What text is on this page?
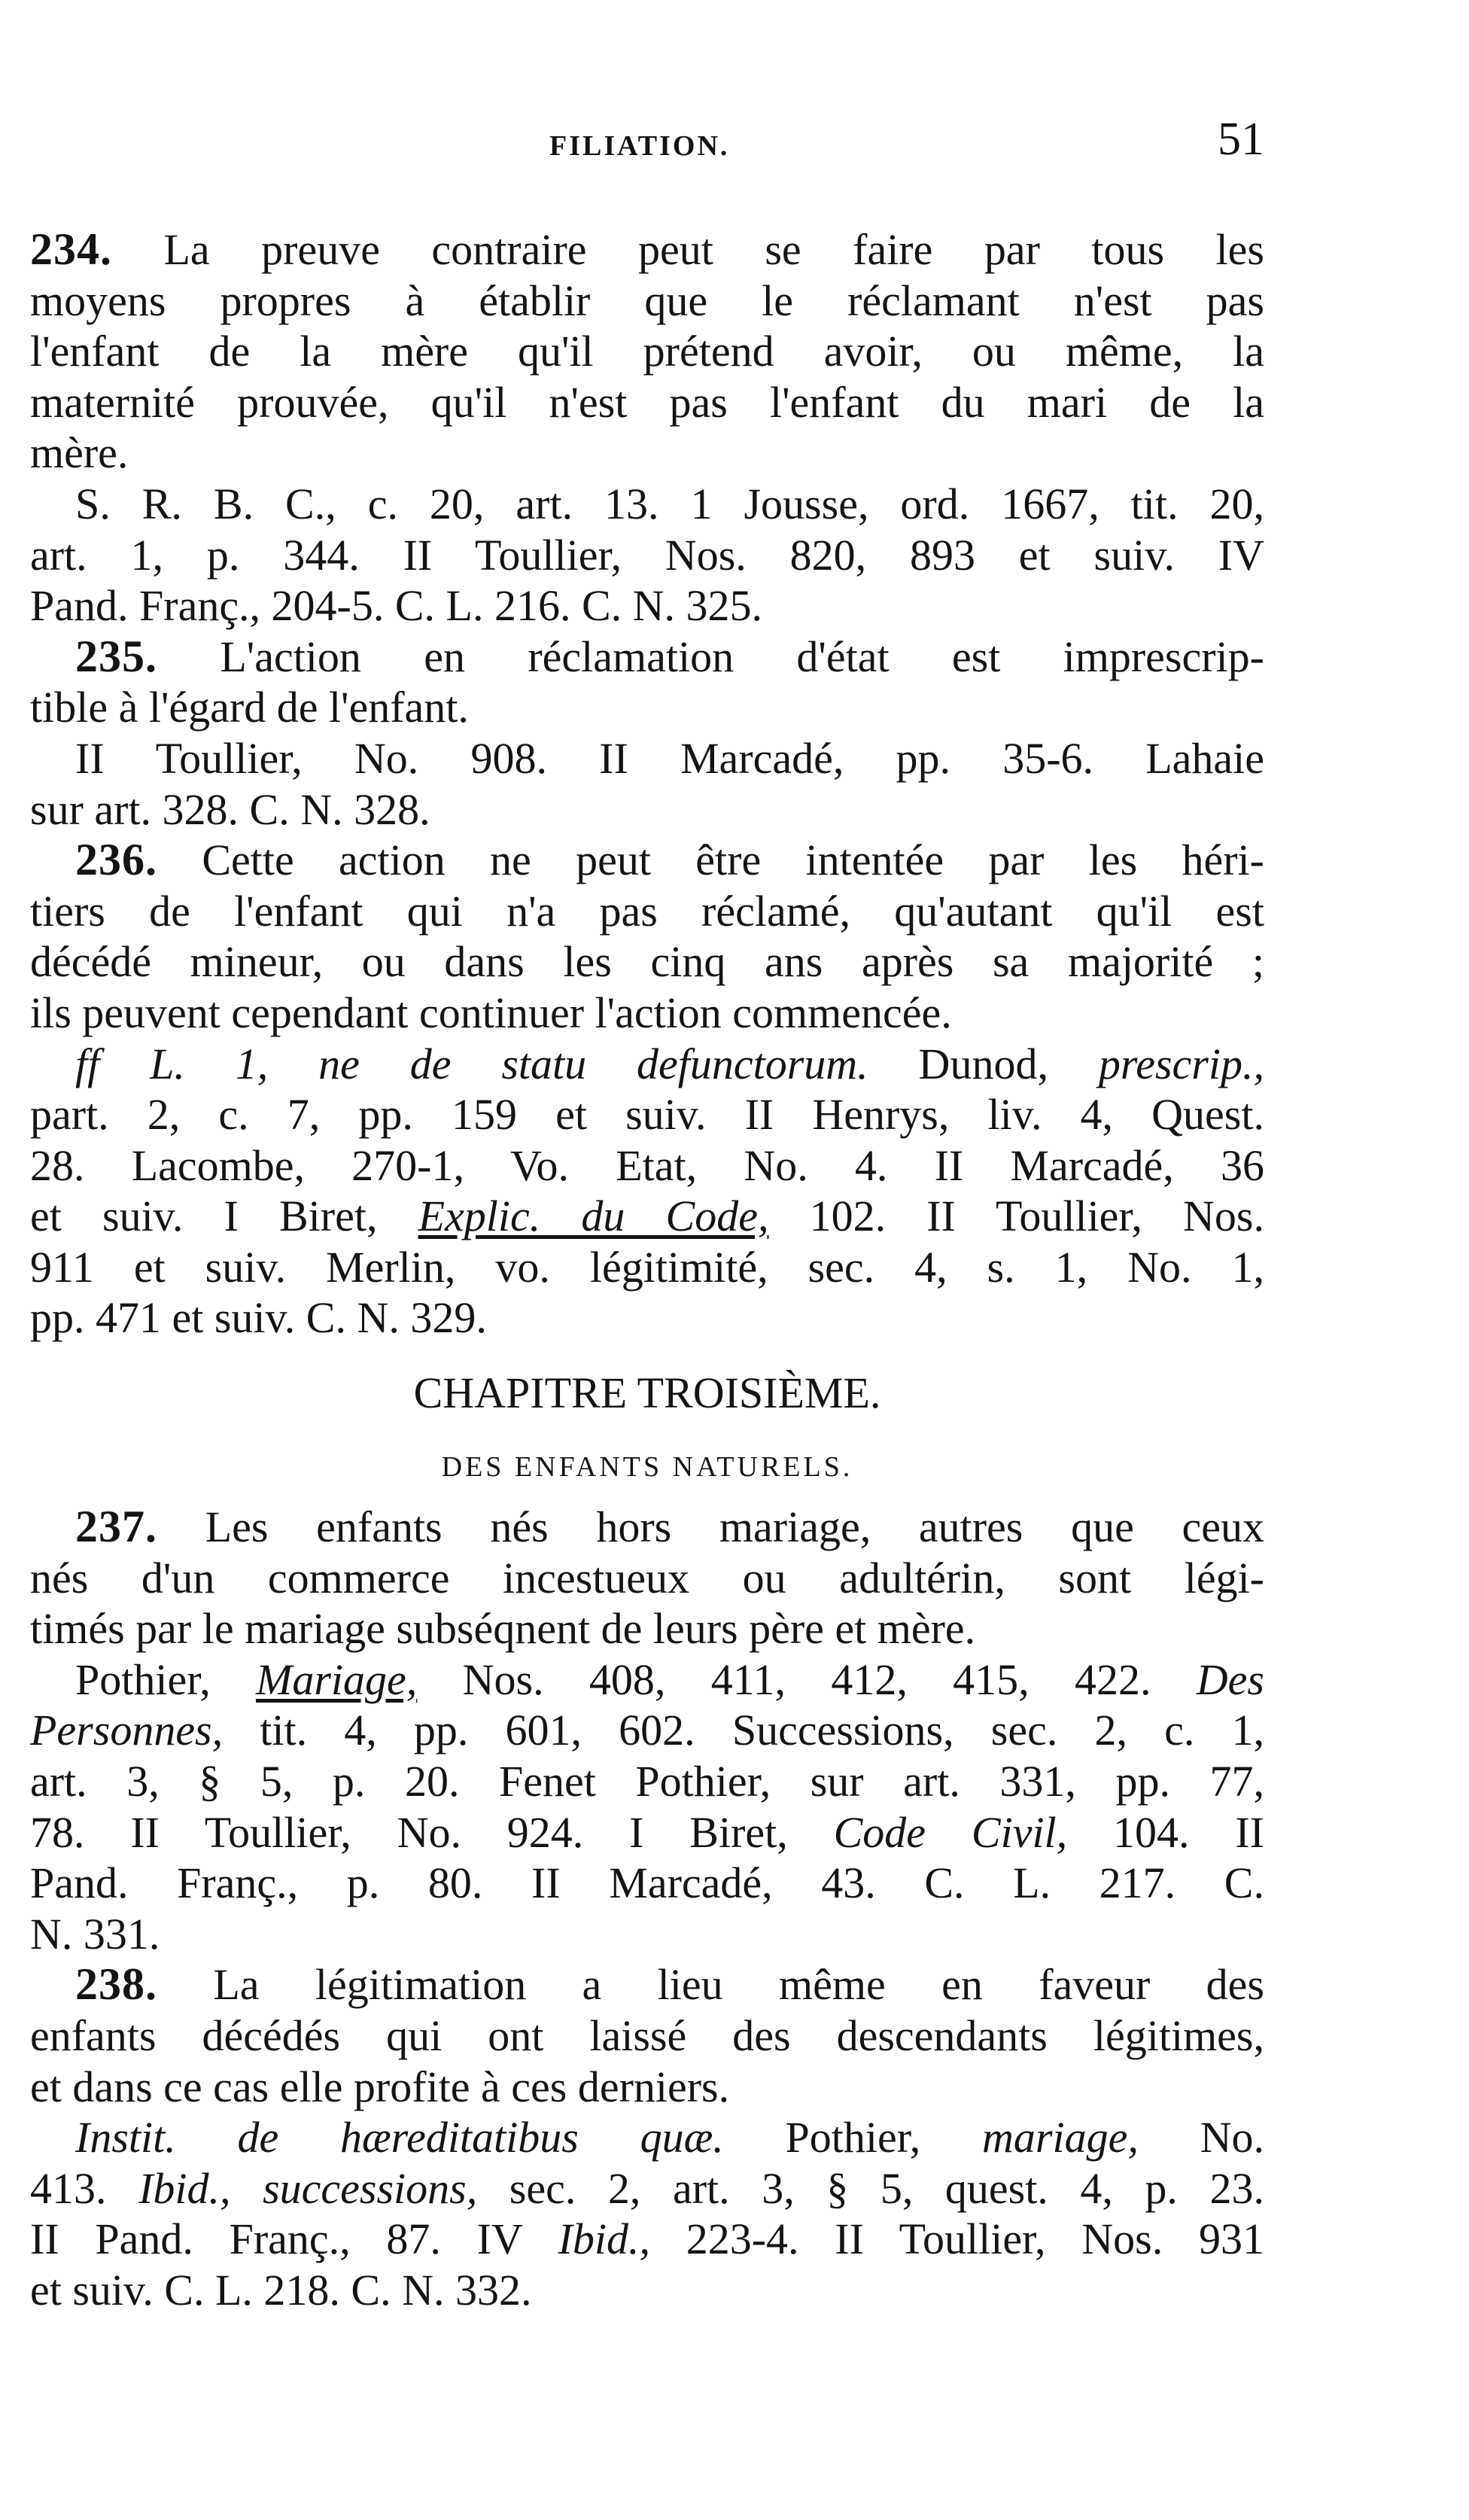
FILIATION.	51
234. La preuve contraire peut se faire par tous les
moyens propres à établir que le réclamant n'est pas
l'enfant de la mère qu'il prétend avoir, ou même, la
maternité prouvée, qu'il n'est pas l'enfant du mari de la
mère.
S. R. B. C., c. 20, art. 13. 1 Jousse, ord. 1667, tit. 20,
art. 1, p. 344. II Toullier, Nos. 820, 893 et suiv. IV
Pand. Franç., 204-5. C. L. 216. C. N. 325.
235. L'action en réclamation d'état est imprescrip-
tible à l'égard de l'enfant.
II Toullier, No. 908. II Marcadé, pp. 35-6. Lahaie
sur art. 328. C. N. 328.
236. Cette action ne peut être intentée par les héri-
tiers de l'enfant qui n'a pas réclamé, qu'autant qu'il est
décédé mineur, ou dans les cinq ans après sa majorité ;
ils peuvent cependant continuer l'action commencée.
ff L. 1, ne de statu defunctorum. Dunod, prescrip.,
part. 2, c. 7, pp. 159 et suiv. II Henrys, liv. 4, Quest.
28. Lacombe, 270-1, Vo. Etat, No. 4. II Marcadé, 36
et suiv. I Biret, Explic. du Code, 102. II Toullier, Nos.
911 et suiv. Merlin, vo. légitimité, sec. 4, s. 1, No. 1,
pp. 471 et suiv. C. N. 329.
CHAPITRE TROISIÈME.
DES ENFANTS NATURELS.
237. Les enfants nés hors mariage, autres que ceux
nés d'un commerce incestueux ou adultérin, sont légi-
timés par le mariage subséqnent de leurs père et mère.
Pothier, Mariage, Nos. 408, 411, 412, 415, 422. Des
Personnes, tit. 4, pp. 601, 602. Successions, sec. 2, c. 1,
art. 3, § 5, p. 20. Fenet Pothier, sur art. 331, pp. 77,
78. II Toullier, No. 924. I Biret, Code Civil, 104. II
Pand. Franç., p. 80. II Marcadé, 43. C. L. 217. C.
N. 331.
238. La légitimation a lieu même en faveur des
enfants décédés qui ont laissé des descendants légitimes,
et dans ce cas elle profite à ces derniers.
Instit. de hæreditatibus quæ. Pothier, mariage, No.
413. Ibid., successions, sec. 2, art. 3, § 5, quest. 4, p. 23.
II Pand. Franç., 87. IV Ibid., 223-4. II Toullier, Nos. 931
et suiv. C. L. 218. C. N. 332.
